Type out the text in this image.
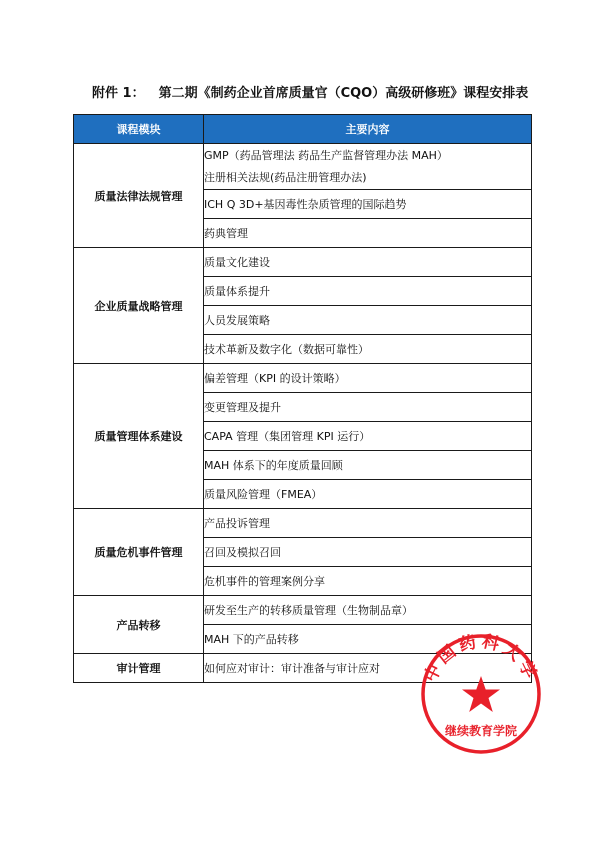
附件 1： 第二期《制药企业首席质量官（CQO）高级研修班》课程安排表
课程模块	主要内容
质量法律法规管理	GMP（药品管理法 药品生产监督管理办法 MAH）
注册相关法规(药品注册管理办法)

	ICH Q 3D+基因毒性杂质管理的国际趋势
	药典管理
企业质量战略管理	质量文化建设
	质量体系提升
	人员发展策略
	技术革新及数字化（数据可靠性）
质量管理体系建设	偏差管理（KPI 的设计策略）
	变更管理及提升
	CAPA 管理（集团管理 KPI 运行）
	MAH 体系下的年度质量回顾
	质量风险管理（FMEA）
质量危机事件管理	产品投诉管理
	召回及模拟召回
	危机事件的管理案例分享
产品转移	研发至生产的转移质量管理（生物制品章）
	MAH 下的产品转移
审计管理	如何应对审计：审计准备与审计应对 中国药科大学
继续教育学院
